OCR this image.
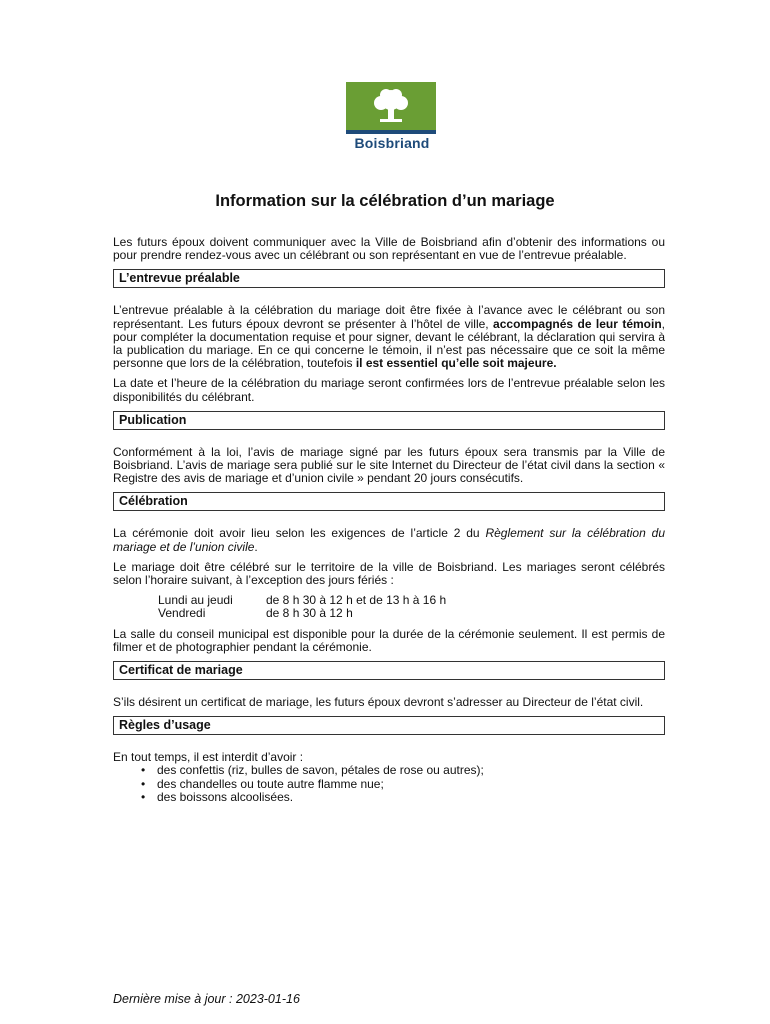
Boisbriand
Information sur la célébration d’un mariage

Les futurs époux doivent communiquer avec la Ville de Boisbriand afin d’obtenir des informations ou pour prendre rendez-vous avec un célébrant ou son représentant en vue de l’entrevue préalable.

L’entrevue préalable

L’entrevue préalable à la célébration du mariage doit être fixée à l’avance avec le célébrant ou son représentant. Les futurs époux devront se présenter à l’hôtel de ville, accompagnés de leur témoin, pour compléter la documentation requise et pour signer, devant le célébrant, la déclaration qui servira à la publication du mariage. En ce qui concerne le témoin, il n’est pas nécessaire que ce soit la même personne que lors de la célébration, toutefois il est essentiel qu’elle soit majeure.

La date et l’heure de la célébration du mariage seront confirmées lors de l’entrevue préalable selon les disponibilités du célébrant.

Publication

Conformément à la loi, l’avis de mariage signé par les futurs époux sera transmis par la Ville de Boisbriand. L’avis de mariage sera publié sur le site Internet du Directeur de l’état civil dans la section « Registre des avis de mariage et d’union civile » pendant 20 jours consécutifs.

Célébration

La cérémonie doit avoir lieu selon les exigences de l’article 2 du Règlement sur la célébration du mariage et de l’union civile.

Le mariage doit être célébré sur le territoire de la ville de Boisbriand. Les mariages seront célébrés selon l’horaire suivant, à l’exception des jours fériés :

Lundi au jeudi	de 8 h 30 à 12 h et de 13 h à 16 h
Vendredi	de 8 h 30 à 12 h

La salle du conseil municipal est disponible pour la durée de la cérémonie seulement. Il est permis de filmer et de photographier pendant la cérémonie.

Certificat de mariage

S’ils désirent un certificat de mariage, les futurs époux devront s’adresser au Directeur de l’état civil.

Règles d’usage

En tout temps, il est interdit d’avoir :

• des confettis (riz, bulles de savon, pétales de rose ou autres);
• des chandelles ou toute autre flamme nue;
• des boissons alcoolisées.
Dernière mise à jour : 2023-01-16
